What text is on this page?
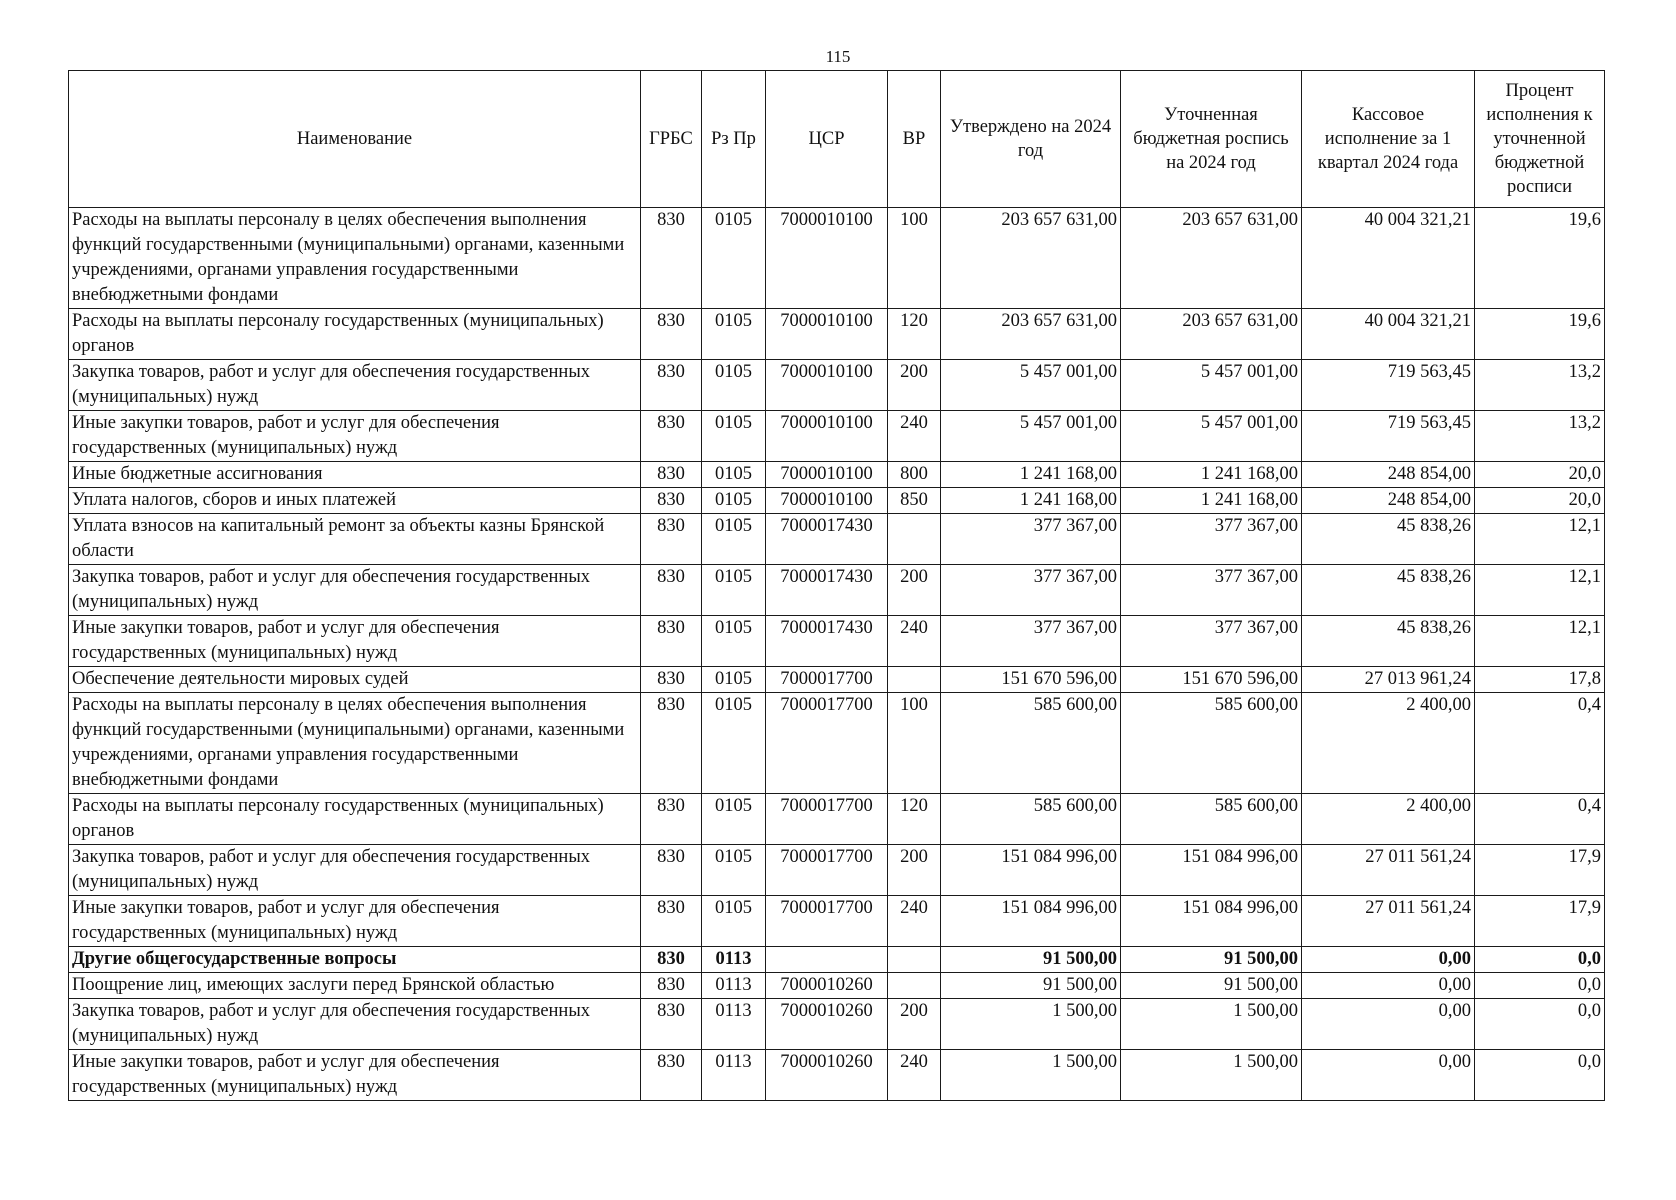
115
Наименование	ГРБС	Рз Пр	ЦСР	ВР	Утверждено на 2024 год	Уточненная бюджетная роспись на 2024 год	Кассовое исполнение за 1 квартал 2024 года	Процент исполнения к уточненной бюджетной росписи
Расходы на выплаты персоналу в целях обеспечения выполнения функций государственными (муниципальными) органами, казенными учреждениями, органами управления государственными внебюджетными фондами	830	0105	7000010100	100	203 657 631,00	203 657 631,00	40 004 321,21	19,6
Расходы на выплаты персоналу государственных (муниципальных) органов	830	0105	7000010100	120	203 657 631,00	203 657 631,00	40 004 321,21	19,6
Закупка товаров, работ и услуг для обеспечения государственных (муниципальных) нужд	830	0105	7000010100	200	5 457 001,00	5 457 001,00	719 563,45	13,2
Иные закупки товаров, работ и услуг для обеспечения государственных (муниципальных) нужд	830	0105	7000010100	240	5 457 001,00	5 457 001,00	719 563,45	13,2
Иные бюджетные ассигнования	830	0105	7000010100	800	1 241 168,00	1 241 168,00	248 854,00	20,0
Уплата налогов, сборов и иных платежей	830	0105	7000010100	850	1 241 168,00	1 241 168,00	248 854,00	20,0
Уплата взносов на капитальный ремонт за объекты казны Брянской области	830	0105	7000017430		377 367,00	377 367,00	45 838,26	12,1
Закупка товаров, работ и услуг для обеспечения государственных (муниципальных) нужд	830	0105	7000017430	200	377 367,00	377 367,00	45 838,26	12,1
Иные закупки товаров, работ и услуг для обеспечения государственных (муниципальных) нужд	830	0105	7000017430	240	377 367,00	377 367,00	45 838,26	12,1
Обеспечение деятельности мировых судей	830	0105	7000017700		151 670 596,00	151 670 596,00	27 013 961,24	17,8
Расходы на выплаты персоналу в целях обеспечения выполнения функций государственными (муниципальными) органами, казенными учреждениями, органами управления государственными внебюджетными фондами	830	0105	7000017700	100	585 600,00	585 600,00	2 400,00	0,4
Расходы на выплаты персоналу государственных (муниципальных) органов	830	0105	7000017700	120	585 600,00	585 600,00	2 400,00	0,4
Закупка товаров, работ и услуг для обеспечения государственных (муниципальных) нужд	830	0105	7000017700	200	151 084 996,00	151 084 996,00	27 011 561,24	17,9
Иные закупки товаров, работ и услуг для обеспечения государственных (муниципальных) нужд	830	0105	7000017700	240	151 084 996,00	151 084 996,00	27 011 561,24	17,9
Другие общегосударственные вопросы	830	0113			91 500,00	91 500,00	0,00	0,0
Поощрение лиц, имеющих заслуги перед Брянской областью	830	0113	7000010260		91 500,00	91 500,00	0,00	0,0
Закупка товаров, работ и услуг для обеспечения государственных (муниципальных) нужд	830	0113	7000010260	200	1 500,00	1 500,00	0,00	0,0
Иные закупки товаров, работ и услуг для обеспечения государственных (муниципальных) нужд	830	0113	7000010260	240	1 500,00	1 500,00	0,00	0,0
